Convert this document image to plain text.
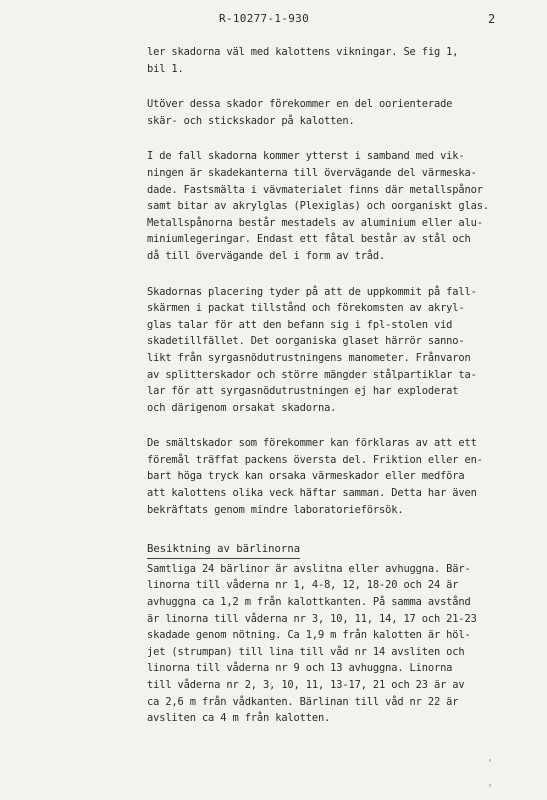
R-10277-1-930	2
ler skadorna väl med kalottens vikningar. Se fig 1,
bil 1.
Utöver dessa skador förekommer en del oorienterade
skär- och stickskador på kalotten.
I de fall skadorna kommer ytterst i samband med vik-
ningen är skadekanterna till övervägande del värmeska-
dade. Fastsmälta i vävmaterialet finns där metallspånor
samt bitar av akrylglas (Plexiglas) och oorganiskt glas.
Metallspånorna består mestadels av aluminium eller alu-
miniumlegeringar. Endast ett fåtal består av stål och
då till övervägande del i form av tråd.
Skadornas placering tyder på att de uppkommit på fall-
skärmen i packat tillstånd och förekomsten av akryl-
glas talar för att den befann sig i fpl-stolen vid
skadetillfället. Det oorganiska glaset härrör sanno-
likt från syrgasnödutrustningens manometer. Frånvaron
av splitterskador och större mängder stålpartiklar ta-
lar för att syrgasnödutrustningen ej har exploderat
och därigenom orsakat skadorna.
De smältskador som förekommer kan förklaras av att ett
föremål träffat packens översta del. Friktion eller en-
bart höga tryck kan orsaka värmeskador eller medföra
att kalottens olika veck häftar samman. Detta har även
bekräftats genom mindre laboratorieförsök.
Besiktning av bärlinorna
Samtliga 24 bärlinor är avslitna eller avhuggna. Bär-
linorna till våderna nr 1, 4-8, 12, 18-20 och 24 är
avhuggna ca 1,2 m från kalottkanten. På samma avstånd
är linorna till våderna nr 3, 10, 11, 14, 17 och 21-23
skadade genom nötning. Ca 1,9 m från kalotten är höl-
jet (strumpan) till lina till våd nr 14 avsliten och
linorna till våderna nr 9 och 13 avhuggna. Linorna
till våderna nr 2, 3, 10, 11, 13-17, 21 och 23 är av
ca 2,6 m från vådkanten. Bärlinan till våd nr 22 är
avsliten ca 4 m från kalotten.
'
'
